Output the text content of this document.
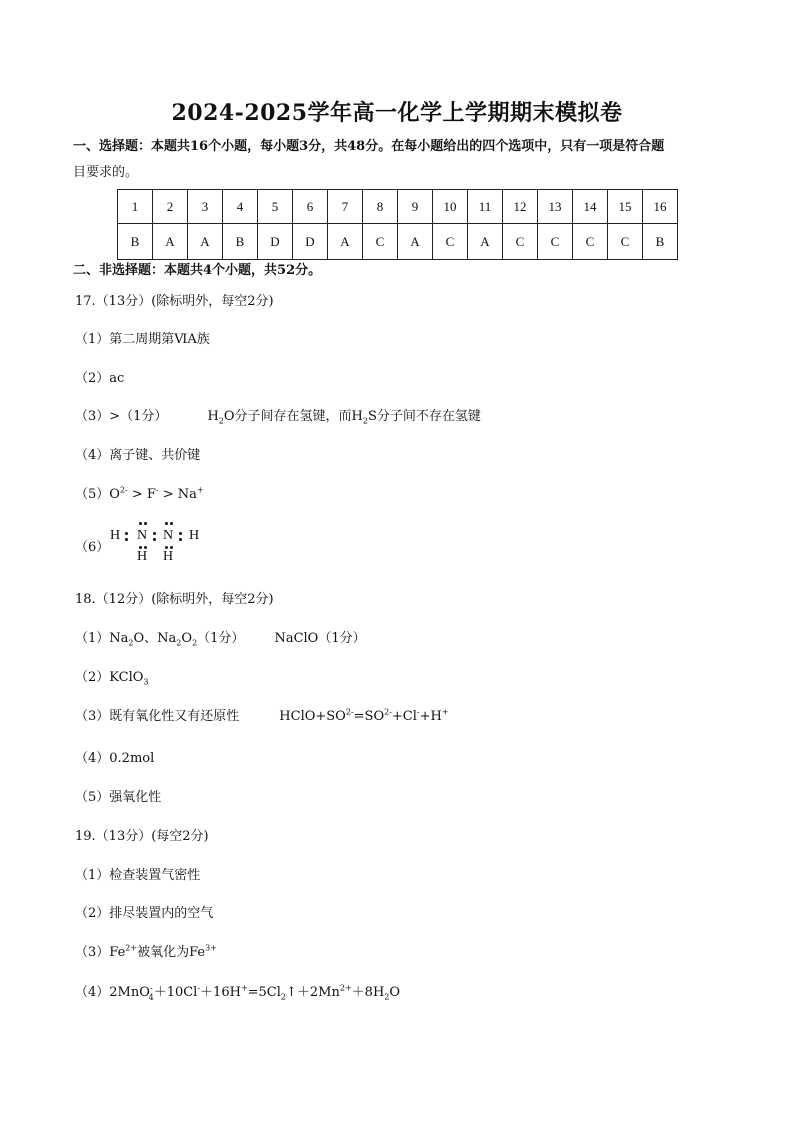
2024-2025学年高一化学上学期期末模拟卷
一、选择题：本题共16个小题，每小题3分，共48分。在每小题给出的四个选项中，只有一项是符合题
目要求的。
1	2	3	4	5	6	7	8	9	10	11	12	13	14	15	16
B	A	A	B	D	D	A	C	A	C	A	C	C	C	C	B
二、非选择题：本题共4个小题，共52分。
17.（13分）(除标明外，每空2分)
（1）第二周期第ⅥA族
（2）ac
（3）>（1分）	$H_2O$分子间存在氢键，而$H_2S$分子间不存在氢键
（4）离子键、共价键
$(5)O^{2-} > F^- > Na^+$
（6）
H N N H
H H
18.（12分）(除标明外，每空2分)
$(1)Na_2O$、$Na_2O_2(1$分） NaClO（1分）
（2）KClO$_3$
（3）既有氧化性又有还原性	$HClO+SO^{2-}=SO^{2-}+Cl^-+H^+$
（4）0.2mol
（5）强氧化性
19.（13分）(每空2分)
（1）检查装置气密性
（2）排尽装置内的空气
$(3)Fe^{2+}$被氧化为$Fe^{3+}$
$(4)2MnO^-_4+10Cl^-+16H^+=5Cl_2↑+2Mn^{2+}+8H_2O$
